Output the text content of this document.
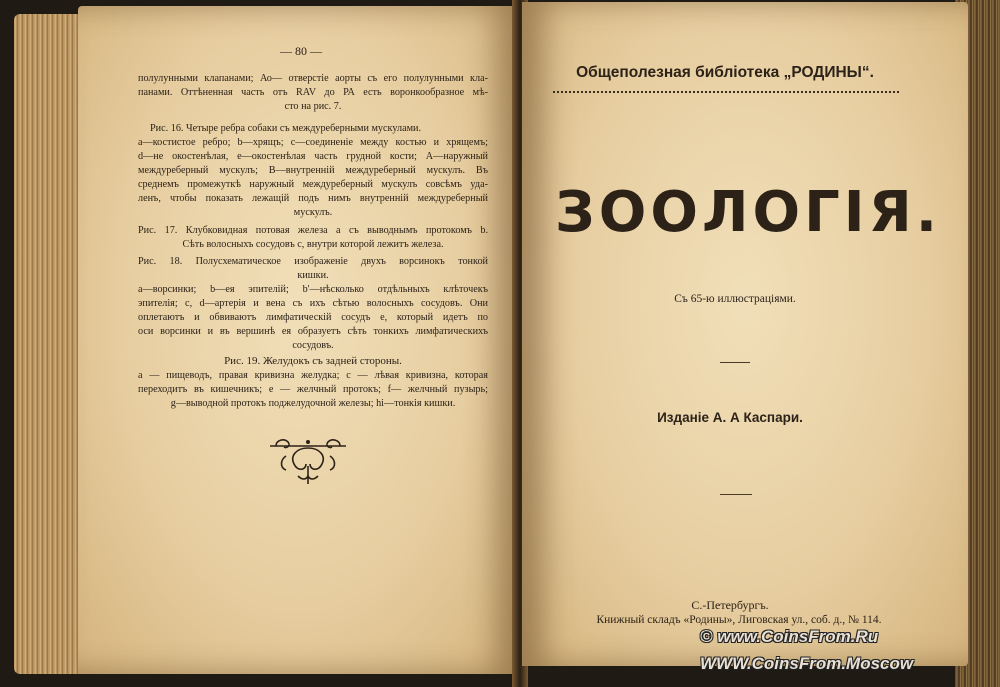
— 80 —
полулунными клапанами; Ао— отверстіе аорты съ его полулунными кла-
панами. Оттѣненная часть отъ RAV до РА есть воронкообразное мѣ-
сто на рис. 7.
Рис. 16. Четыре ребра собаки съ междуреберными мускулами.
а—костистое ребро; b—хрящъ; с—соединеніе между костью и хрящемъ;
d—не окостенѣлая, е—окостенѣлая часть грудной кости; А—наружный
междуреберный мускулъ; В—внутренній междуреберный мускулъ. Въ
среднемъ промежуткѣ наружный междуреберный мускулъ совсѣмъ уда-
ленъ, чтобы показать лежащій подъ нимъ внутренній междуреберный
мускулъ.
Рис. 17. Клубковидная потовая железа а съ выводнымъ протокомъ b.
Сѣть волосныхъ сосудовъ с, внутри которой лежитъ железа.
Рис. 18. Полусхематическое изображеніе двухъ ворсинокъ тонкой
кишки.
а—ворсинки; b—ея эпителій; b'—нѣсколько отдѣльныхъ клѣточекъ
эпителія; с, d—артерія и вена съ ихъ сѣтью волосныхъ сосудовъ. Они
оплетаютъ и обвиваютъ лимфатическій сосудъ е, который идетъ по
оси ворсинки и въ вершинѣ ея образуетъ сѣть тонкихъ лимфатическихъ
сосудовъ.
Рис. 19. Желудокъ съ задней стороны.
а — пищеводъ, правая кривизна желудка; с — лѣвая кривизна, которая
переходитъ въ кишечникъ; е — желчный протокъ; f— желчный пузырь;
g—выводной протокъ поджелудочной железы; hi—тонкія кишки.
Общеполезная библіотека „РОДИНЫ“.
ЗООЛОГІЯ.
Съ 65-ю иллюстраціями.
Изданіе А. А Каспари.
С.-Петербургъ.
Книжный складъ «Родины», Лиговская ул., соб. д., № 114.
© www.CoinsFrom.Ru
WWW.CoinsFrom.Moscow
